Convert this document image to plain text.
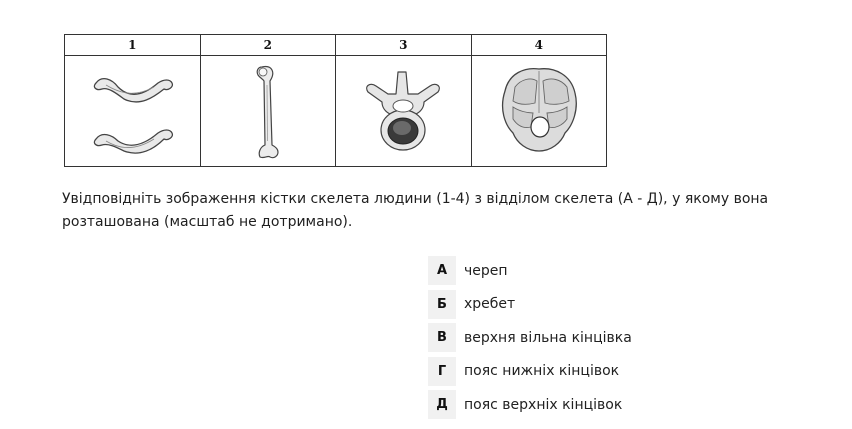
1	2	3	4

Увідповідніть зображення кістки скелета людини (1-4) з відділом скелета (А - Д), у якому вона розташована (масштаб не дотримано).

А	череп
Б	хребет
В	верхня вільна кінцівка
Г	пояс нижніх кінцівок
Д	пояс верхніх кінцівок
